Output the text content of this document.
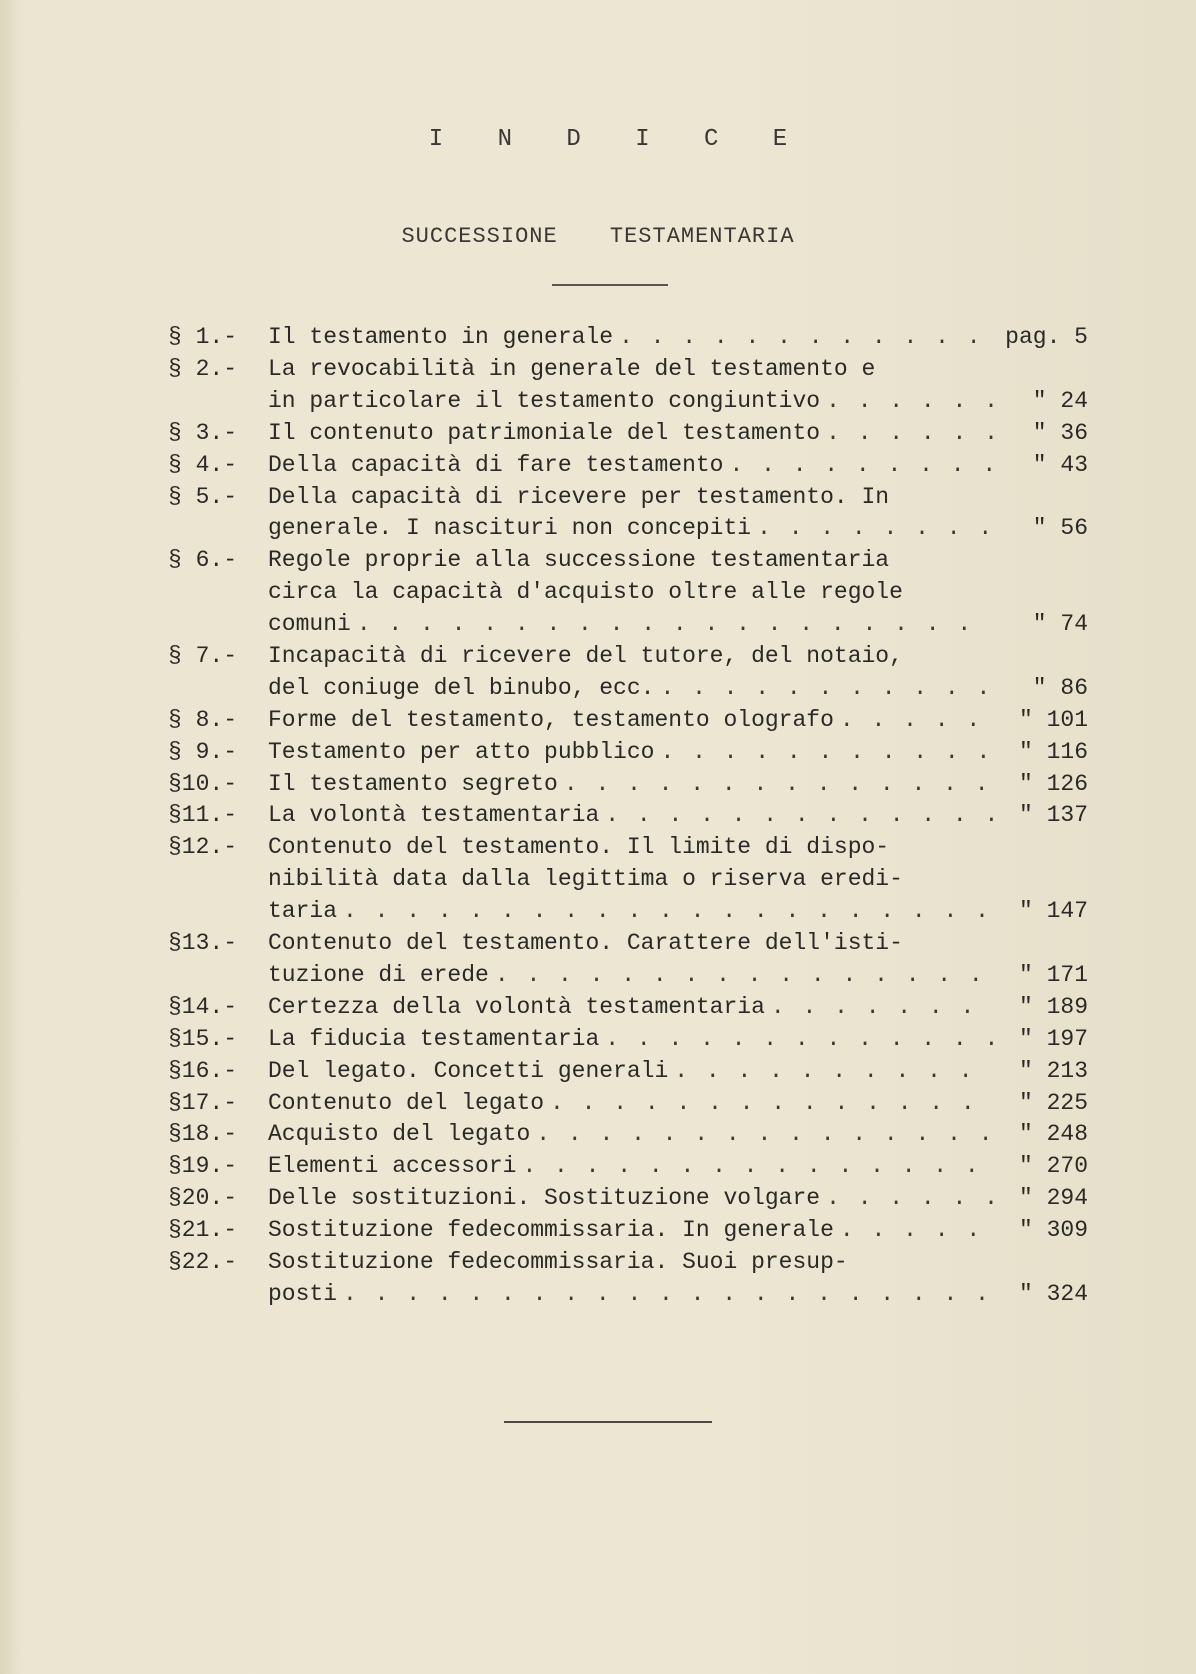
I N D I C E
SUCCESSIONE TESTAMENTARIA
§ 1.-	Il testamento in generale . . .	pag. 5
§ 2.-	La revocabilità in generale del testamento e
in particolare il testamento congiuntivo . . .	" 24
§ 3.-	Il contenuto patrimoniale del testamento . . .	" 36
§ 4.-	Della capacità di fare testamento . . .	" 43
§ 5.-	Della capacità di ricevere per testamento. In
generale. I nascituri non concepiti . . .	" 56
§ 6.-	Regole proprie alla successione testamentaria
circa la capacità d'acquisto oltre alle regole
comuni . . .	" 74
§ 7.-	Incapacità di ricevere del tutore, del notaio,
del coniuge del binubo, ecc. . . .	" 86
§ 8.-	Forme del testamento, testamento olografo . . .	" 101
§ 9.-	Testamento per atto pubblico . . .	" 116
§10.-	Il testamento segreto . . .	" 126
§11.-	La volontà testamentaria . . .	" 137
§12.-	Contenuto del testamento. Il limite di dispo-
nibilità data dalla legittima o riserva eredi-
taria . . .	" 147
§13.-	Contenuto del testamento. Carattere dell'isti-
tuzione di erede . . .	" 171
§14.-	Certezza della volontà testamentaria . . .	" 189
§15.-	La fiducia testamentaria . . .	" 197
§16.-	Del legato. Concetti generali . . .	" 213
§17.-	Contenuto del legato . . .	" 225
§18.-	Acquisto del legato . . .	" 248
§19.-	Elementi accessori . . .	" 270
§20.-	Delle sostituzioni. Sostituzione volgare . . .	" 294
§21.-	Sostituzione fedecommissaria. In generale . . .	" 309
§22.-	Sostituzione fedecommissaria. Suoi presup-
posti . . .	" 324
